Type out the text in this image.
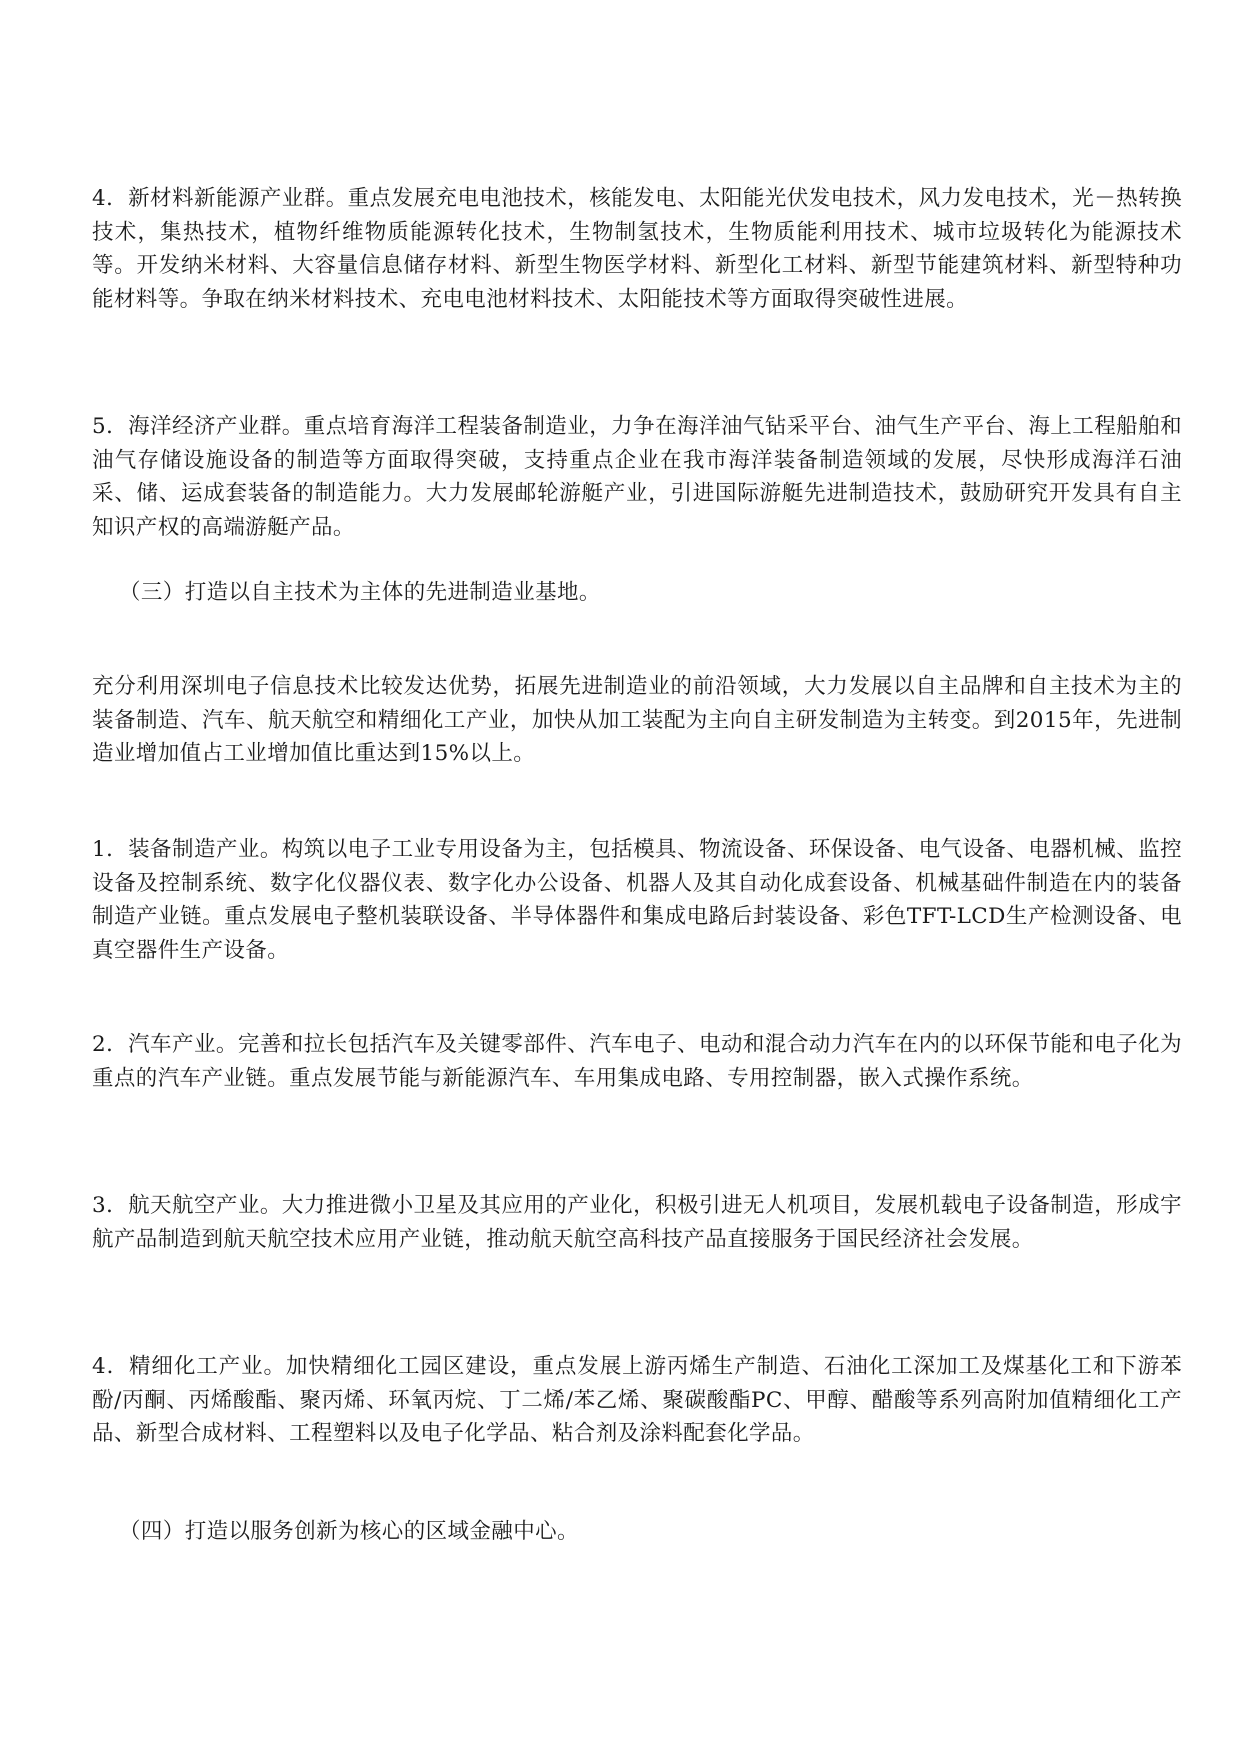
4．新材料新能源产业群。重点发展充电电池技术，核能发电、太阳能光伏发电技术，风力发电技术，光－热转换技术，集热技术，植物纤维物质能源转化技术，生物制氢技术，生物质能利用技术、城市垃圾转化为能源技术等。开发纳米材料、大容量信息储存材料、新型生物医学材料、新型化工材料、新型节能建筑材料、新型特种功能材料等。争取在纳米材料技术、充电电池材料技术、太阳能技术等方面取得突破性进展。

5．海洋经济产业群。重点培育海洋工程装备制造业，力争在海洋油气钻采平台、油气生产平台、海上工程船舶和油气存储设施设备的制造等方面取得突破，支持重点企业在我市海洋装备制造领域的发展，尽快形成海洋石油采、储、运成套装备的制造能力。大力发展邮轮游艇产业，引进国际游艇先进制造技术，鼓励研究开发具有自主知识产权的高端游艇产品。

（三）打造以自主技术为主体的先进制造业基地。

充分利用深圳电子信息技术比较发达优势，拓展先进制造业的前沿领域，大力发展以自主品牌和自主技术为主的装备制造、汽车、航天航空和精细化工产业，加快从加工装配为主向自主研发制造为主转变。到2015年，先进制造业增加值占工业增加值比重达到15%以上。

1．装备制造产业。构筑以电子工业专用设备为主，包括模具、物流设备、环保设备、电气设备、电器机械、监控设备及控制系统、数字化仪器仪表、数字化办公设备、机器人及其自动化成套设备、机械基础件制造在内的装备制造产业链。重点发展电子整机装联设备、半导体器件和集成电路后封装设备、彩色TFT-LCD生产检测设备、电真空器件生产设备。

2．汽车产业。完善和拉长包括汽车及关键零部件、汽车电子、电动和混合动力汽车在内的以环保节能和电子化为重点的汽车产业链。重点发展节能与新能源汽车、车用集成电路、专用控制器，嵌入式操作系统。

3．航天航空产业。大力推进微小卫星及其应用的产业化，积极引进无人机项目，发展机载电子设备制造，形成宇航产品制造到航天航空技术应用产业链，推动航天航空高科技产品直接服务于国民经济社会发展。

4．精细化工产业。加快精细化工园区建设，重点发展上游丙烯生产制造、石油化工深加工及煤基化工和下游苯酚/丙酮、丙烯酸酯、聚丙烯、环氧丙烷、丁二烯/苯乙烯、聚碳酸酯PC、甲醇、醋酸等系列高附加值精细化工产品、新型合成材料、工程塑料以及电子化学品、粘合剂及涂料配套化学品。

（四）打造以服务创新为核心的区域金融中心。
